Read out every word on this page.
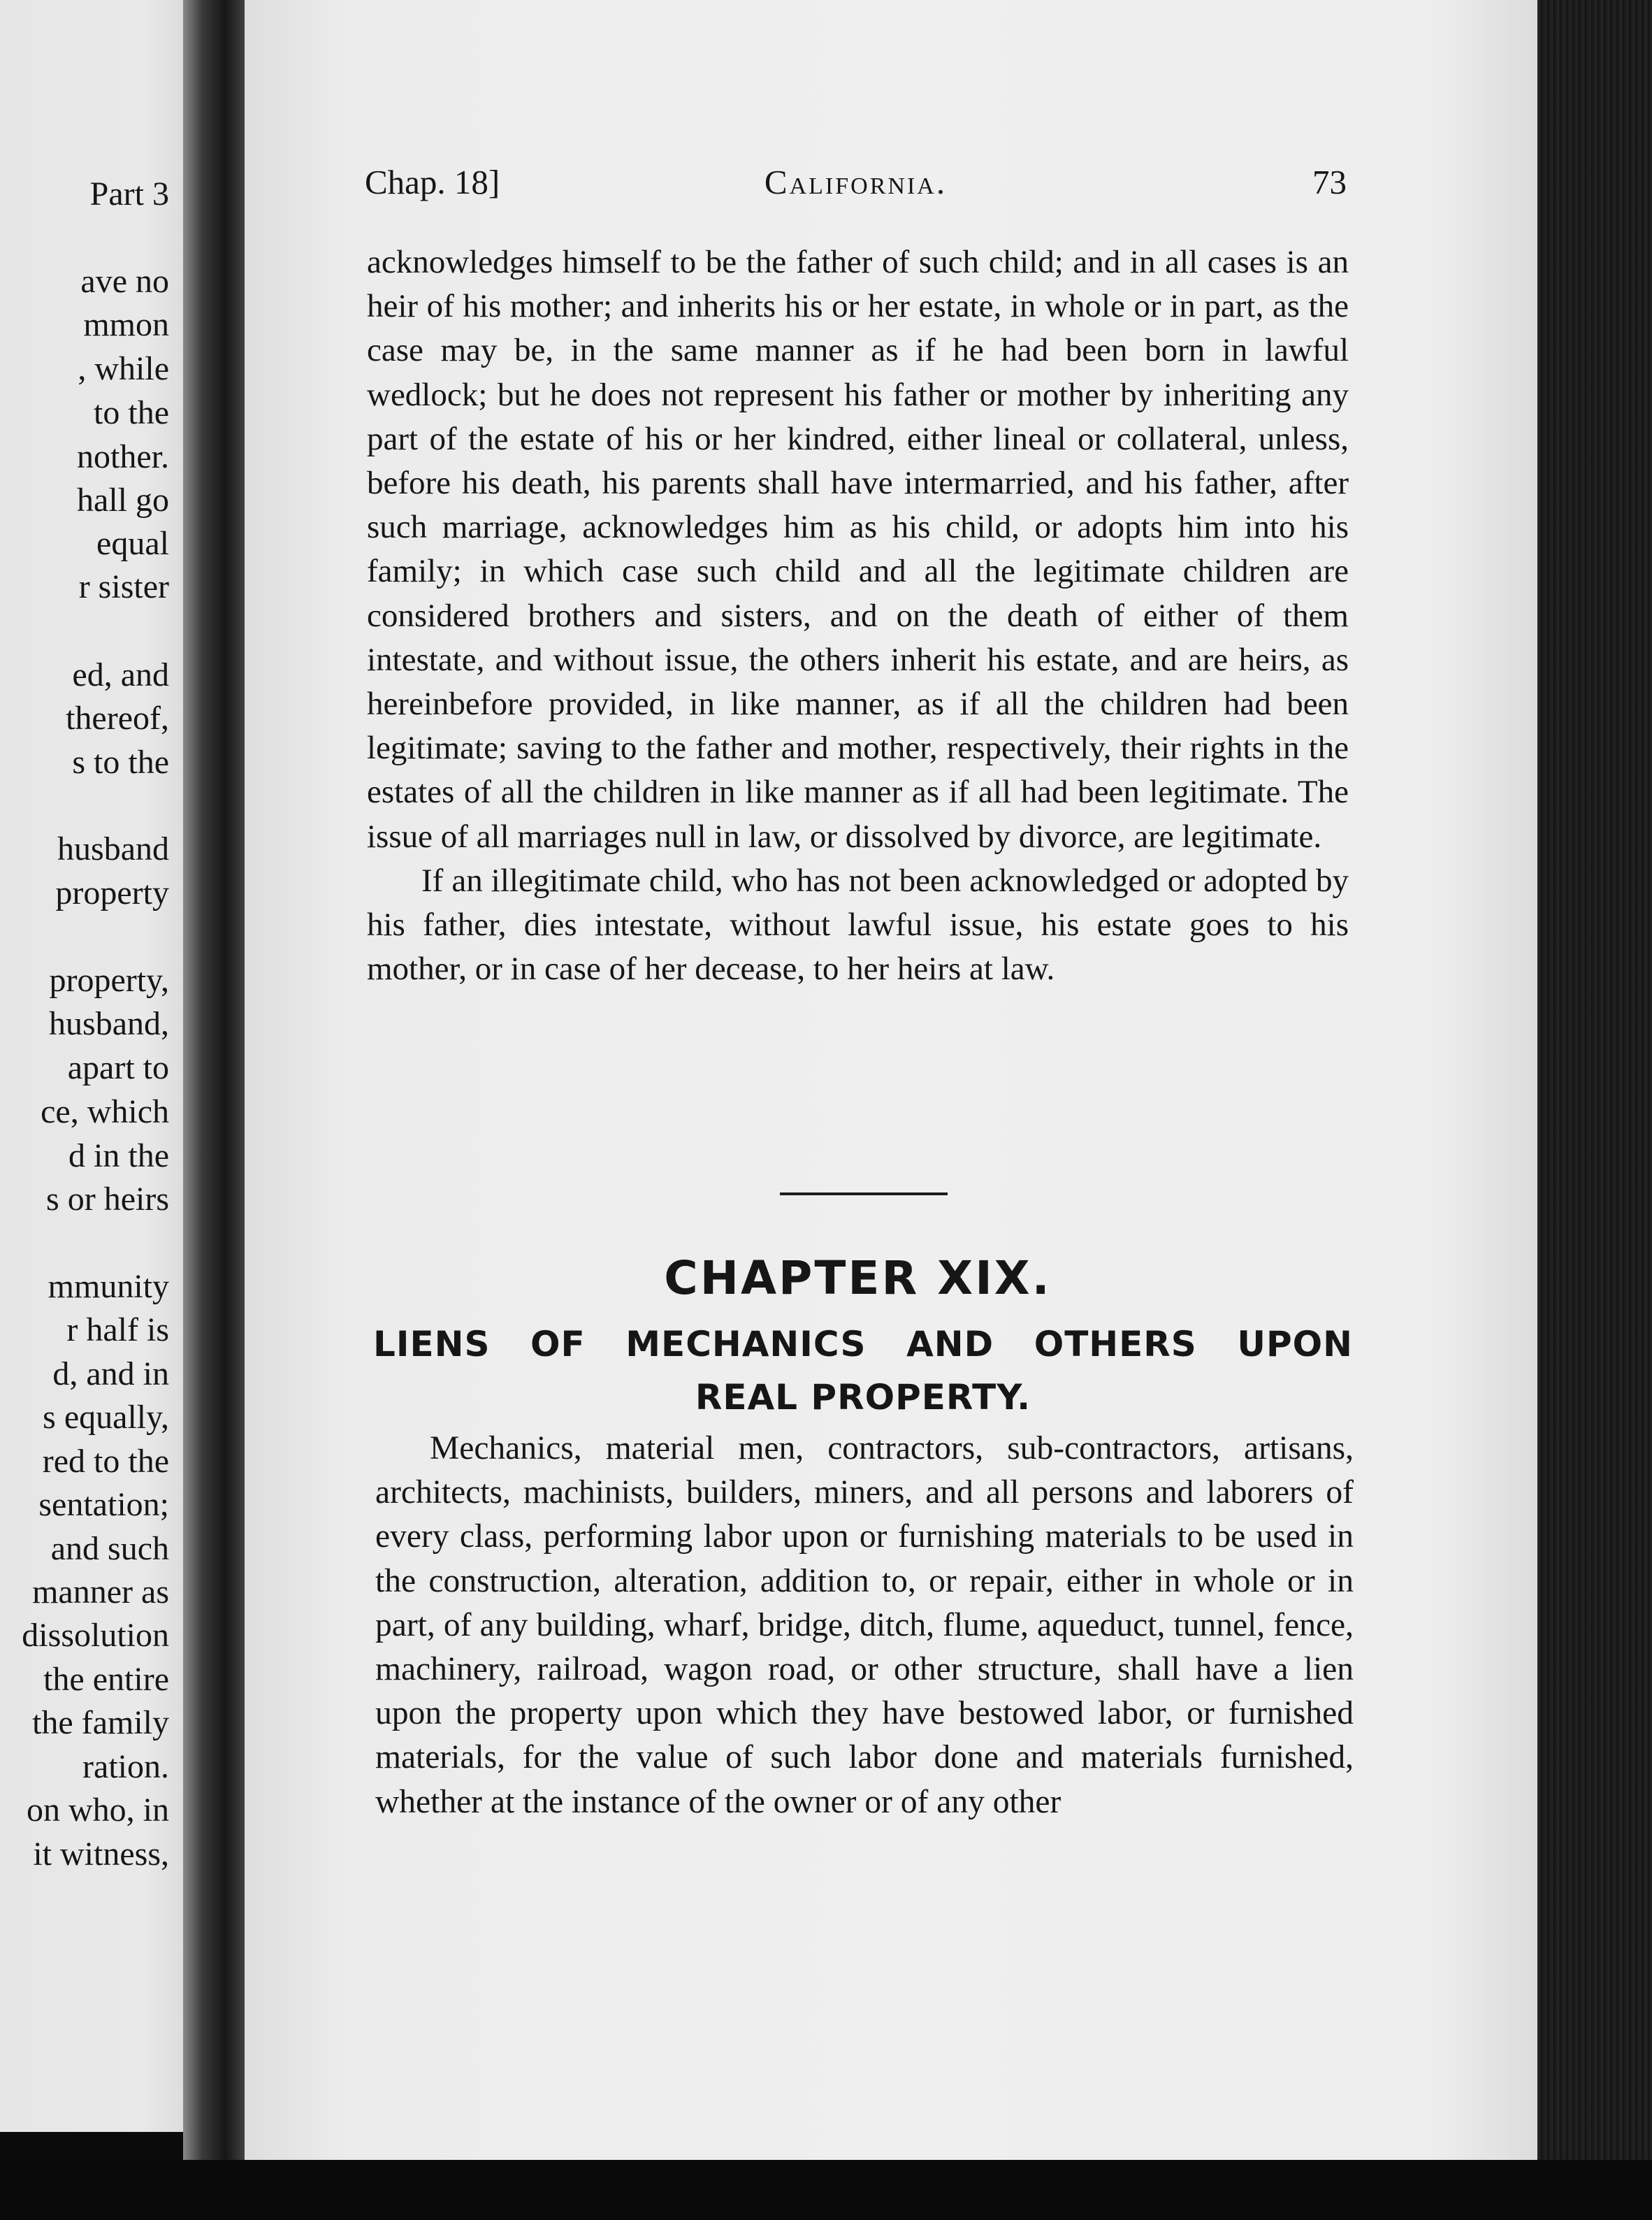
Part 3
ave no
mmon
, while
to the
nother.
hall go
equal
r sister
ed, and
thereof,
s to the
husband
property
property,
husband,
apart to
ce, which
d in the
s or heirs
mmunity
r half is
d, and in
s equally,
red to the
sentation;
and such
manner as
dissolution
the entire
the family
ration.
on who, in
it witness,
Chap. 18]	California.	73

acknowledges himself to be the father of such child; and in all cases is an heir of his mother; and inherits his or her estate, in whole or in part, as the case may be, in the same manner as if he had been born in lawful wedlock; but he does not represent his father or mother by inheriting any part of the estate of his or her kindred, either lineal or collateral, unless, before his death, his parents shall have intermarried, and his father, after such marriage, acknowledges him as his child, or adopts him into his family; in which case such child and all the legitimate children are considered brothers and sisters, and on the death of either of them intestate, and without issue, the others inherit his estate, and are heirs, as hereinbefore provided, in like manner, as if all the children had been legitimate; saving to the father and mother, respectively, their rights in the estates of all the children in like manner as if all had been legitimate. The issue of all marriages null in law, or dissolved by divorce, are legitimate.

If an illegitimate child, who has not been acknowledged or adopted by his father, dies intestate, without lawful issue, his estate goes to his mother, or in case of her decease, to her heirs at law.

CHAPTER XIX.
LIENS OF MECHANICS AND OTHERS UPON
REAL PROPERTY.

Mechanics, material men, contractors, sub-contractors, artisans, architects, machinists, builders, miners, and all persons and laborers of every class, performing labor upon or furnishing materials to be used in the construction, alteration, addition to, or repair, either in whole or in part, of any building, wharf, bridge, ditch, flume, aqueduct, tunnel, fence, machinery, railroad, wagon road, or other structure, shall have a lien upon the property upon which they have bestowed labor, or furnished materials, for the value of such labor done and materials furnished, whether at the instance of the owner or of any other
